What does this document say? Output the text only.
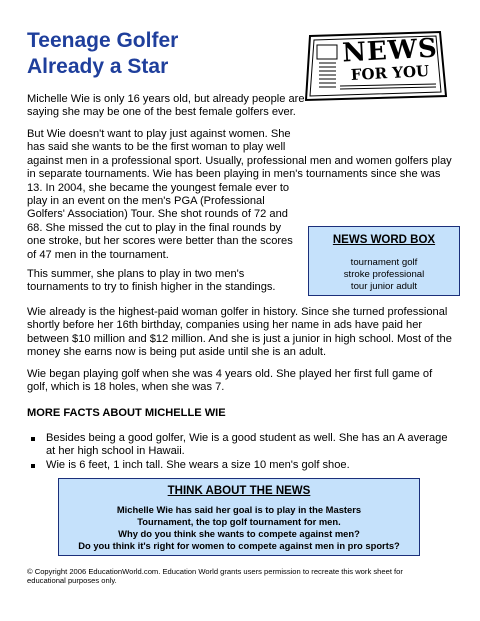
Teenage Golfer
Already a Star	NEWS
FOR YOU
Michelle Wie is only 16 years old, but already people are
saying she may be one of the best female golfers ever.
But Wie doesn't want to play just against women. She
has said she wants to be the first woman to play well
against men in a professional sport. Usually, professional men and women golfers play
in separate tournaments. Wie has been playing in men's tournaments since she was
13. In 2004, she became the youngest female ever to
play in an event on the men's PGA (Professional
Golfers' Association) Tour. She shot rounds of 72 and
68. She missed the cut to play in the final rounds by
one stroke, but her scores were better than the scores
of 47 men in the tournament.
NEWS WORD BOX
tournament golf
stroke professional
tour junior adult
This summer, she plans to play in two men's
tournaments to try to finish higher in the standings.
Wie already is the highest-paid woman golfer in history. Since she turned professional
shortly before her 16th birthday, companies using her name in ads have paid her
between $10 million and $12 million. And she is just a junior in high school. Most of the
money she earns now is being put aside until she is an adult.
Wie began playing golf when she was 4 years old. She played her first full game of
golf, which is 18 holes, when she was 7.
MORE FACTS ABOUT MICHELLE WIE
Besides being a good golfer, Wie is a good student as well. She has an A average
at her high school in Hawaii.
Wie is 6 feet, 1 inch tall. She wears a size 10 men's golf shoe.
THINK ABOUT THE NEWS
Michelle Wie has said her goal is to play in the Masters
Tournament, the top golf tournament for men.
Why do you think she wants to compete against men?
Do you think it's right for women to compete against men in pro sports?
© Copyright 2006 EducationWorld.com. Education World grants users permission to recreate this work sheet for
educational purposes only.
